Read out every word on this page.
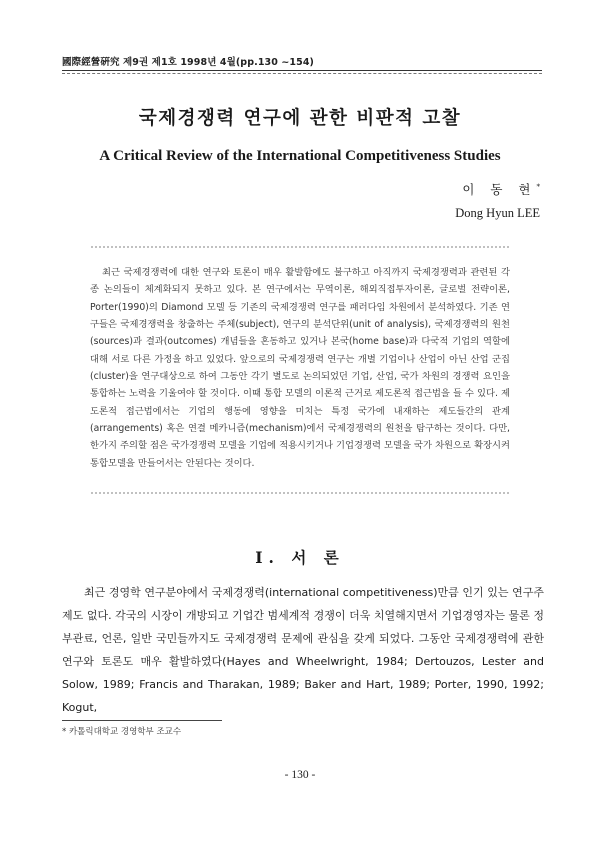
國際經營硏究 제9권 제1호 1998년 4월(pp.130 ~154)
국제경쟁력 연구에 관한 비판적 고찰
A Critical Review of the International Competitiveness Studies
이 동 현*
Dong Hyun LEE
최근 국제경쟁력에 대한 연구와 토론이 매우 활발함에도 불구하고 아직까지 국제경쟁력과 관련된 각종 논의들이 체계화되지 못하고 있다. 본 연구에서는 무역이론, 해외직접투자이론, 글로벌 전략이론, Porter(1990)의 Diamond 모델 등 기존의 국제경쟁력 연구를 패러다임 차원에서 분석하였다. 기존 연구들은 국제경쟁력을 창출하는 주체(subject), 연구의 분석단위(unit of analysis), 국제경쟁력의 원천(sources)과 결과(outcomes) 개념들을 혼동하고 있거나 본국(home base)과 다국적 기업의 역할에 대해 서로 다른 가정을 하고 있었다. 앞으로의 국제경쟁력 연구는 개별 기업이나 산업이 아닌 산업 군집(cluster)을 연구대상으로 하여 그동안 각기 별도로 논의되었던 기업, 산업, 국가 차원의 경쟁력 요인을 통합하는 노력을 기울여야 할 것이다. 이때 통합 모델의 이론적 근거로 제도론적 접근법을 들 수 있다. 제도론적 접근법에서는 기업의 행동에 영향을 미치는 특정 국가에 내재하는 제도들간의 관계(arrangements) 혹은 연결 메카니즘(mechanism)에서 국제경쟁력의 원천을 탐구하는 것이다. 다만, 한가지 주의할 점은 국가경쟁력 모델을 기업에 적용시키거나 기업경쟁력 모델을 국가 차원으로 확장시켜 통합모델을 만들어서는 안된다는 것이다.
I. 서 론
최근 경영학 연구분야에서 국제경쟁력(international competitiveness)만큼 인기 있는 연구주제도 없다. 각국의 시장이 개방되고 기업간 범세계적 경쟁이 더욱 치열해지면서 기업경영자는 물론 정부관료, 언론, 일반 국민들까지도 국제경쟁력 문제에 관심을 갖게 되었다. 그동안 국제경쟁력에 관한 연구와 토론도 매우 활발하였다(Hayes and Wheelwright, 1984; Dertouzos, Lester and Solow, 1989; Francis and Tharakan, 1989; Baker and Hart, 1989; Porter, 1990, 1992; Kogut,
* 카톨릭대학교 경영학부 조교수
- 130 -
